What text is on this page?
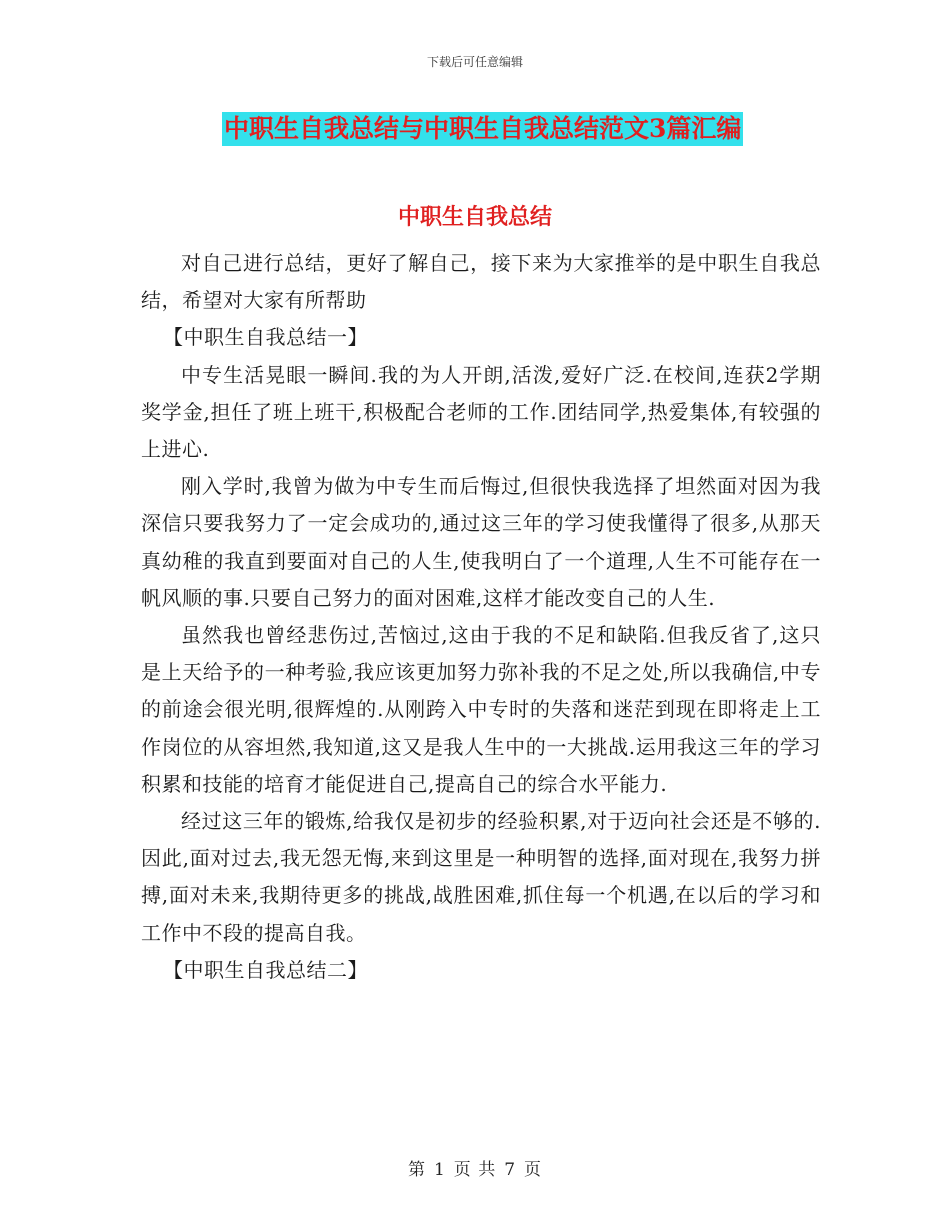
下载后可任意编辑
中职生自我总结与中职生自我总结范文3篇汇编
中职生自我总结

对自己进行总结，更好了解自己，接下来为大家推举的是中职生自我总结，希望对大家有所帮助

【中职生自我总结一】

中专生活晃眼一瞬间.我的为人开朗,活泼,爱好广泛.在校间,连获2学期奖学金,担任了班上班干,积极配合老师的工作.团结同学,热爱集体,有较强的上进心.

刚入学时,我曾为做为中专生而后悔过,但很快我选择了坦然面对因为我深信只要我努力了一定会成功的,通过这三年的学习使我懂得了很多,从那天真幼稚的我直到要面对自己的人生,使我明白了一个道理,人生不可能存在一帆风顺的事.只要自己努力的面对困难,这样才能改变自己的人生.

虽然我也曾经悲伤过,苦恼过,这由于我的不足和缺陷.但我反省了,这只是上天给予的一种考验,我应该更加努力弥补我的不足之处,所以我确信,中专的前途会很光明,很辉煌的.从刚跨入中专时的失落和迷茫到现在即将走上工作岗位的从容坦然,我知道,这又是我人生中的一大挑战.运用我这三年的学习积累和技能的培育才能促进自己,提高自己的综合水平能力.

经过这三年的锻炼,给我仅是初步的经验积累,对于迈向社会还是不够的.因此,面对过去,我无怨无悔,来到这里是一种明智的选择,面对现在,我努力拼搏,面对未来,我期待更多的挑战,战胜困难,抓住每一个机遇,在以后的学习和工作中不段的提高自我。

【中职生自我总结二】

第 1 页 共 7 页
